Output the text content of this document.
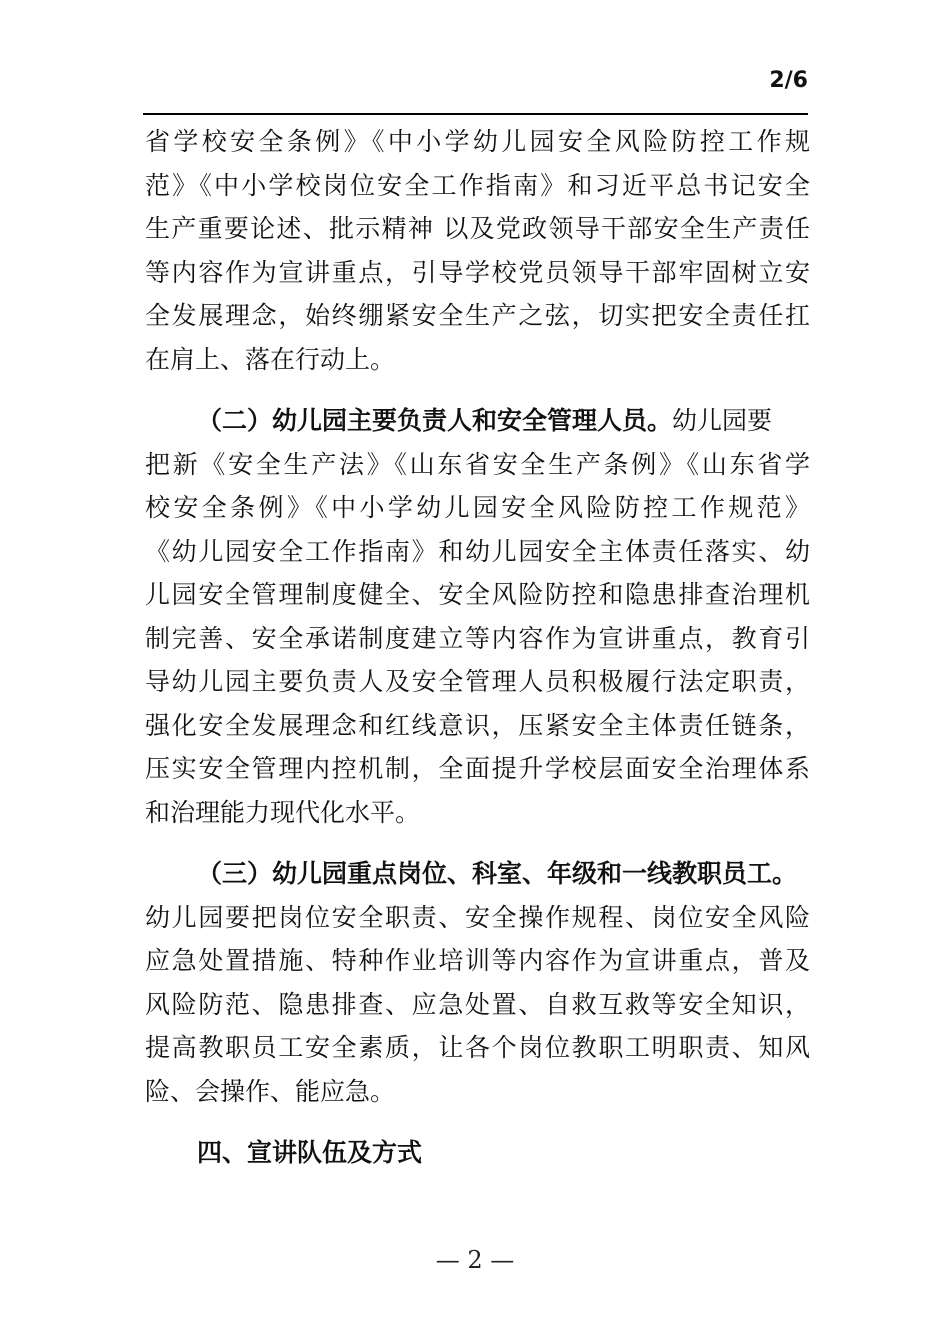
2/6
省学校安全条例》《中小学幼儿园安全风险防控工作规
范》《中小学校岗位安全工作指南》和习近平总书记安全
生产重要论述、批示精神 以及党政领导干部安全生产责任
等内容作为宣讲重点，引导学校党员领导干部牢固树立安
全发展理念，始终绷紧安全生产之弦，切实把安全责任扛
在肩上、落在行动上。
（二）幼儿园主要负责人和安全管理人员。幼儿园要
把新《安全生产法》《山东省安全生产条例》《山东省学
校安全条例》《中小学幼儿园安全风险防控工作规范》
《幼儿园安全工作指南》和幼儿园安全主体责任落实、幼
儿园安全管理制度健全、安全风险防控和隐患排查治理机
制完善、安全承诺制度建立等内容作为宣讲重点，教育引
导幼儿园主要负责人及安全管理人员积极履行法定职责，
强化安全发展理念和红线意识，压紧安全主体责任链条，
压实安全管理内控机制，全面提升学校层面安全治理体系
和治理能力现代化水平。
（三）幼儿园重点岗位、科室、年级和一线教职员工。
幼儿园要把岗位安全职责、安全操作规程、岗位安全风险
应急处置措施、特种作业培训等内容作为宣讲重点，普及
风险防范、隐患排查、应急处置、自救互救等安全知识，
提高教职员工安全素质，让各个岗位教职工明职责、知风
险、会操作、能应急。
四、宣讲队伍及方式
— 2 —
